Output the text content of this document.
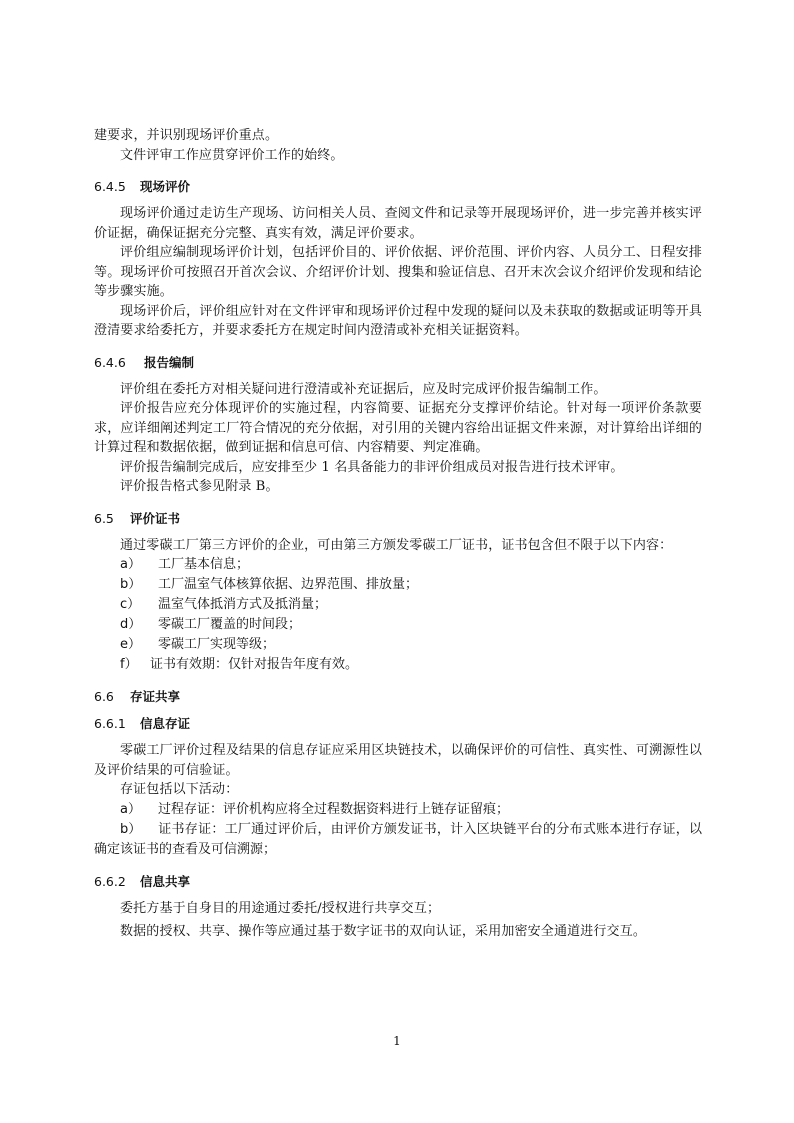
建要求，并识别现场评价重点。

文件评审工作应贯穿评价工作的始终。

6.4.5	现场评价

现场评价通过走访生产现场、访问相关人员、查阅文件和记录等开展现场评价，进一步完善并核实评价证据，确保证据充分完整、真实有效，满足评价要求。

评价组应编制现场评价计划，包括评价目的、评价依据、评价范围、评价内容、人员分工、日程安排等。现场评价可按照召开首次会议、介绍评价计划、搜集和验证信息、召开末次会议介绍评价发现和结论等步骤实施。

现场评价后，评价组应针对在文件评审和现场评价过程中发现的疑问以及未获取的数据或证明等开具澄清要求给委托方，并要求委托方在规定时间内澄清或补充相关证据资料。

6.4.6	报告编制

评价组在委托方对相关疑问进行澄清或补充证据后，应及时完成评价报告编制工作。

评价报告应充分体现评价的实施过程，内容简要、证据充分支撑评价结论。针对每一项评价条款要求，应详细阐述判定工厂符合情况的充分依据，对引用的关键内容给出证据文件来源，对计算给出详细的计算过程和数据依据，做到证据和信息可信、内容精要、判定准确。

评价报告编制完成后，应安排至少 1 名具备能力的非评价组成员对报告进行技术评审。

评价报告格式参见附录 B。

6.5	评价证书

通过零碳工厂第三方评价的企业，可由第三方颁发零碳工厂证书，证书包含但不限于以下内容：

a）	工厂基本信息；
b）	工厂温室气体核算依据、边界范围、排放量；
c）	温室气体抵消方式及抵消量；
d）	零碳工厂覆盖的时间段；
e）	零碳工厂实现等级；
f） 证书有效期：仅针对报告年度有效。
6.6	存证共享
6.6.1	信息存证

零碳工厂评价过程及结果的信息存证应采用区块链技术，以确保评价的可信性、真实性、可溯源性以及评价结果的可信验证。

存证包括以下活动：

a）	过程存证：评价机构应将全过程数据资料进行上链存证留痕；
b） 证书存证：工厂通过评价后，由评价方颁发证书，计入区块链平台的分布式账本进行存证，以确定该证书的查看及可信溯源；
6.6.2	信息共享

委托方基于自身目的用途通过委托/授权进行共享交互；

数据的授权、共享、操作等应通过基于数字证书的双向认证，采用加密安全通道进行交互。

1
